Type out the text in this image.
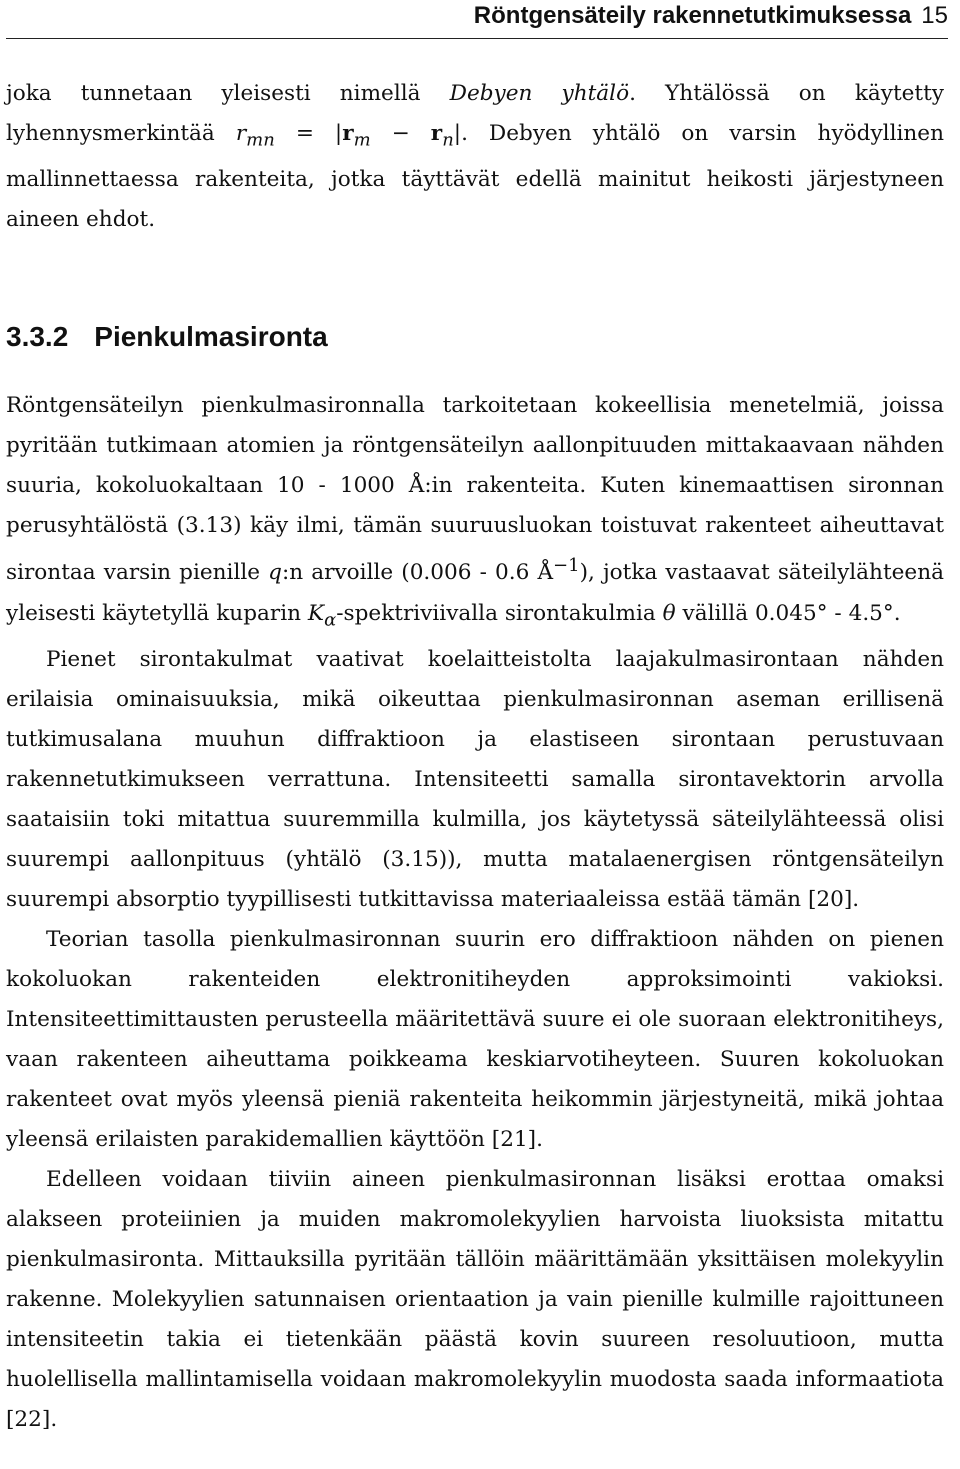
Röntgensäteily rakennetutkimuksessa 15

joka tunnetaan yleisesti nimellä Debyen yhtälö. Yhtälössä on käytetty lyhennysmerkintää $r_{mn} = |r_m - r_n|$. Debyen yhtälö on varsin hyödyllinen mallinnettaessa rakenteita, jotka täyttävät edellä mainitut heikosti järjestyneen aineen ehdot.

3.3.2 Pienkulmasironta

Röntgensäteilyn pienkulmasironnalla tarkoitetaan kokeellisia menetelmiä, joissa pyritään tutkimaan atomien ja röntgensäteilyn aallonpituuden mittakaavaan nähden suuria, kokoluokaltaan 10 - 1000 Å:in rakenteita. Kuten kinemaattisen sironnan perusyhtälöstä (3.13) käy ilmi, tämän suuruusluokan toistuvat rakenteet aiheuttavat sirontaa varsin pienille q:n arvoille (0.006 - 0.6 $Å^{-1}$), jotka vastaavat säteilylähteenä yleisesti käytetyllä kuparin $K_\alpha$-spektriviivalla sirontakulmia θ välillä 0.045° - 4.5°.

Pienet sirontakulmat vaativat koelaitteistolta laajakulmasirontaan nähden erilaisia ominaisuuksia, mikä oikeuttaa pienkulmasironnan aseman erillisenä tutkimusalana muuhun diffraktioon ja elastiseen sirontaan perustuvaan rakennetutkimukseen verrattuna. Intensiteetti samalla sirontavektorin arvolla saataisiin toki mitattua suuremmilla kulmilla, jos käytetyssä säteilylähteessä olisi suurempi aallonpituus (yhtälö (3.15)), mutta matalaenergisen röntgensäteilyn suurempi absorptio tyypillisesti tutkittavissa materiaaleissa estää tämän [20].

Teorian tasolla pienkulmasironnan suurin ero diffraktioon nähden on pienen kokoluokan rakenteiden elektronitiheyden approksimointi vakioksi. Intensiteettimittausten perusteella määritettävä suure ei ole suoraan elektronitiheys, vaan rakenteen aiheuttama poikkeama keskiarvotiheyteen. Suuren kokoluokan rakenteet ovat myös yleensä pieniä rakenteita heikommin järjestyneitä, mikä johtaa yleensä erilaisten parakidemallien käyttöön [21].

Edelleen voidaan tiiviin aineen pienkulmasironnan lisäksi erottaa omaksi alakseen proteiinien ja muiden makromolekyylien harvoista liuoksista mitattu pienkulmasironta. Mittauksilla pyritään tällöin määrittämään yksittäisen molekyylin rakenne. Molekyylien satunnaisen orientaation ja vain pienille kulmille rajoittuneen intensiteetin takia ei tietenkään päästä kovin suureen resoluutioon, mutta huolellisella mallintamisella voidaan makromolekyylin muodosta saada informaatiota [22].
